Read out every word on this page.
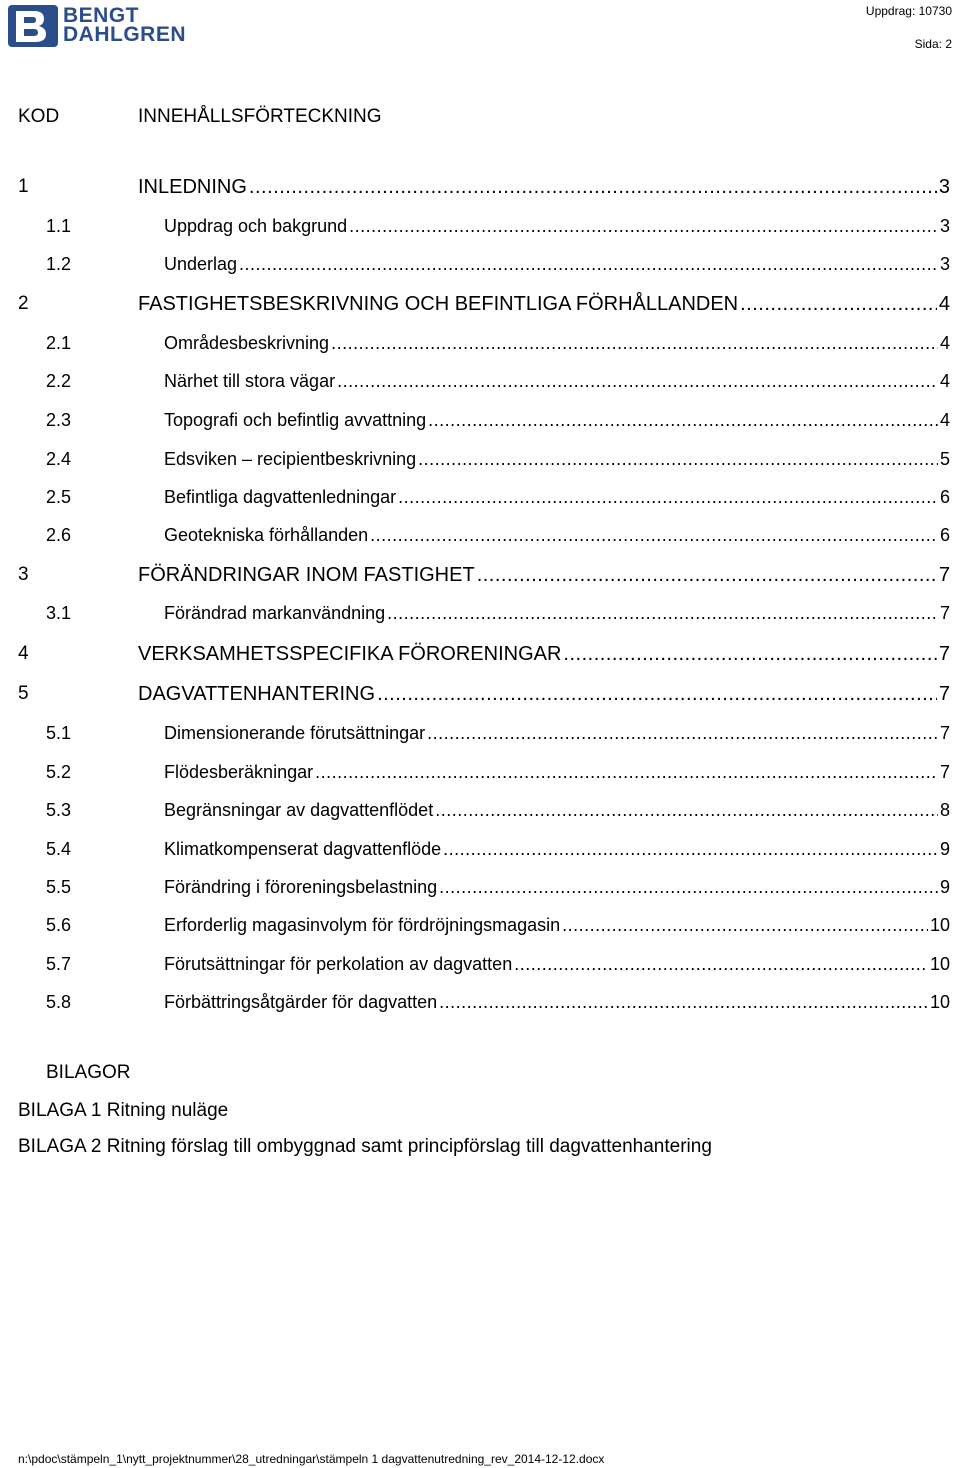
BENGT
DAHLGREN
Uppdrag: 10730
Sida: 2
KOD	INNEHÅLLSFÖRTECKNING
1	INLEDNING .....	3
1.1	Uppdrag och bakgrund .....	3
1.2	Underlag .....	3
2	FASTIGHETSBESKRIVNING OCH BEFINTLIGA FÖRHÅLLANDEN .....	4
2.1	Områdesbeskrivning .....	4
2.2	Närhet till stora vägar .....	4
2.3	Topografi och befintlig avvattning .....	4
2.4	Edsviken – recipientbeskrivning .....	5
2.5	Befintliga dagvattenledningar .....	6
2.6	Geotekniska förhållanden .....	6
3	FÖRÄNDRINGAR INOM FASTIGHET .....	7
3.1	Förändrad markanvändning .....	7
4	VERKSAMHETSSPECIFIKA FÖRORENINGAR .....	7
5	DAGVATTENHANTERING .....	7
5.1	Dimensionerande förutsättningar .....	7
5.2	Flödesberäkningar .....	7
5.3	Begränsningar av dagvattenflödet .....	8
5.4	Klimatkompenserat dagvattenflöde .....	9
5.5	Förändring i föroreningsbelastning .....	9
5.6	Erforderlig magasinvolym för fördröjningsmagasin .....	10
5.7	Förutsättningar för perkolation av dagvatten .....	10
5.8	Förbättringsåtgärder för dagvatten .....	10
BILAGOR
BILAGA 1 Ritning nuläge
BILAGA 2 Ritning förslag till ombyggnad samt principförslag till dagvattenhantering
n:\pdoc\stämpeln_1\nytt_projektnummer\28_utredningar\stämpeln 1 dagvattenutredning_rev_2014-12-12.docx
